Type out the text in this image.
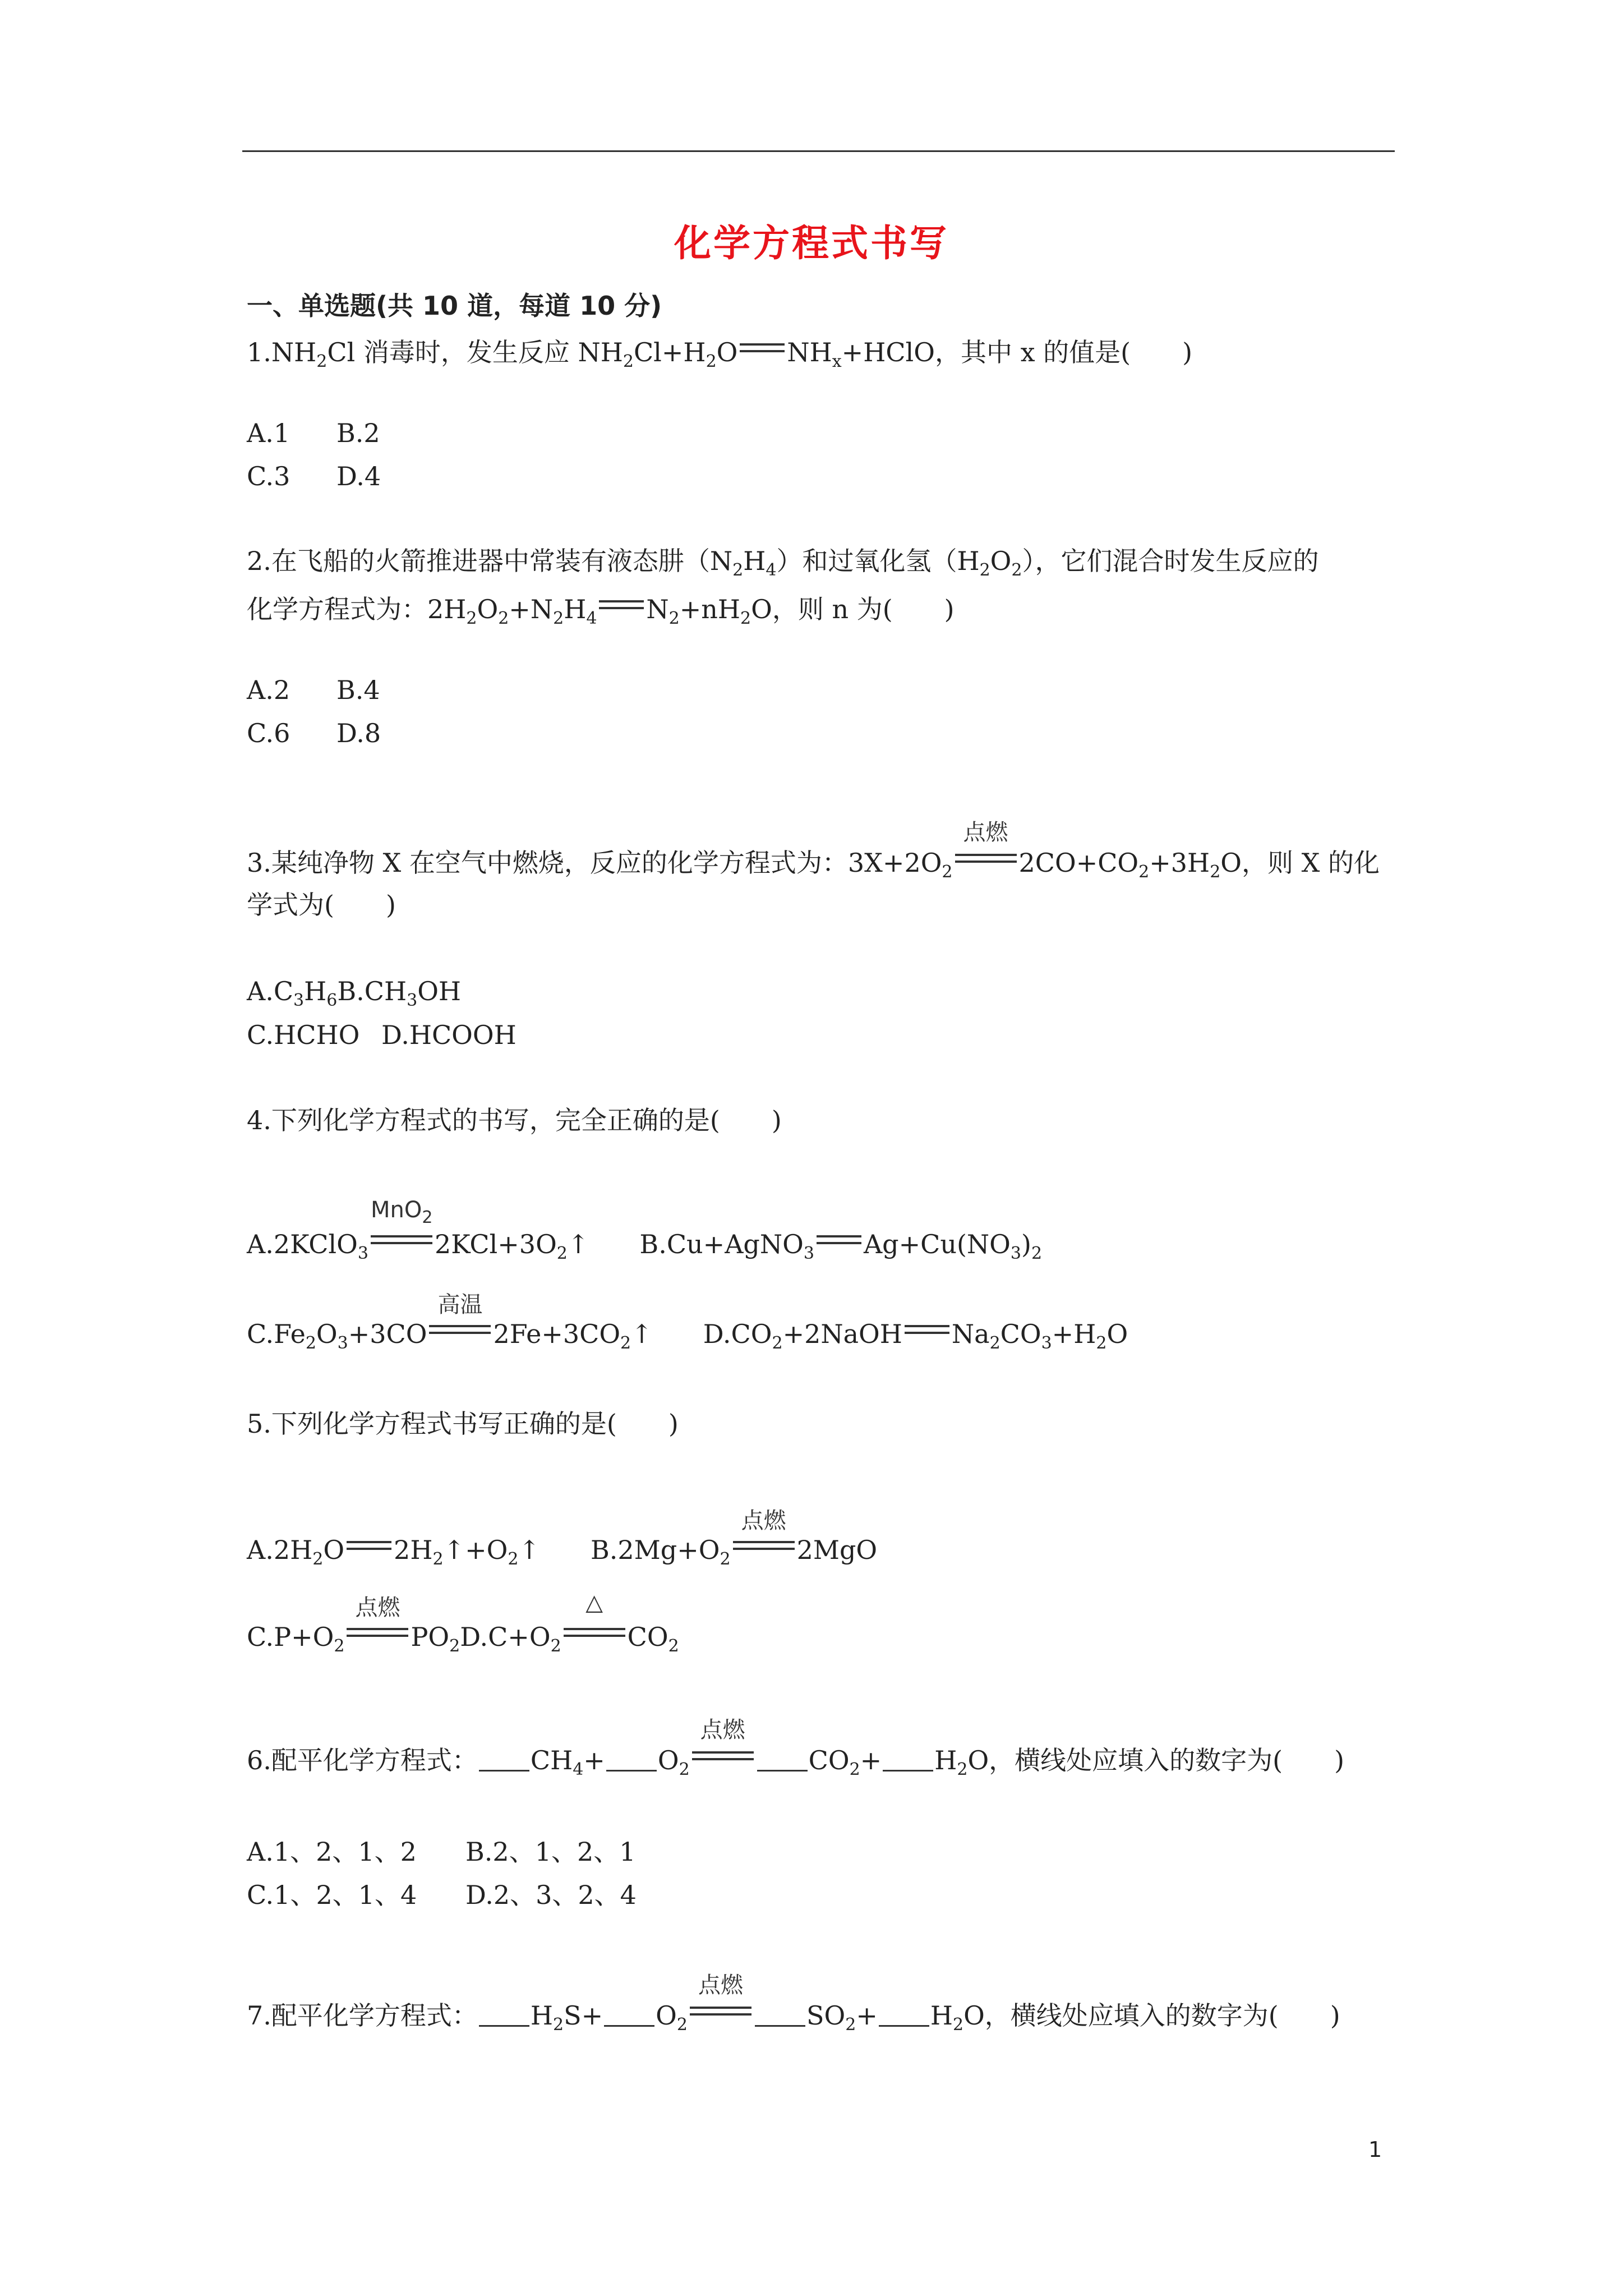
化学方程式书写
一、单选题(共 10 道，每道 10 分)
$1.NH_2Cl$ 消毒时，发生反应 $NH_2Cl+H_2O$ $NH_x+HClO$，其中 x 的值是(　　)
A.1 B.2
C.3 D.4
2.在飞船的火箭推进器中常装有液态肼$(N_2H_4)$和过氧化氢$(H_2O_2)$，它们混合时发生反应的
化学方程式为：$2H_2O_2+N_2H_4$ $N_2+nH_2O$，则 n 为(　　)
A.2 B.4
C.6 D.8
3.某纯净物 X 在空气中燃烧，反应的化学方程式为：$3X+2O_2$
点燃
$2CO+CO_2+3H_2O$，则 X 的化
学式为(　　)
$A.C_3H_6B.CH_3OH$
C.HCHO D.HCOOH
4.下列化学方程式的书写，完全正确的是(　　)
A.2KClO$_3$
MnO$_2$
$2KCl+3O_2↑$ B.Cu+AgNO$_3$ $Ag+Cu(NO_3)_2$
$C.Fe_2O_3+3CO$
高温
$2Fe+3CO_2↑$ $D.CO_2+2NaOH$ $Na_2CO_3+H_2O$
5.下列化学方程式书写正确的是(　　)
$A.2H_2O$ $2H_2↑+O_2↑$ $B.2Mg+O_2$
点燃
2MgO
$C.P+O_2$
点燃
$PO_2D.C+O_2$
△
$CO_2$
6.配平化学方程式： $CH_4+ O_2$
点燃
$CO_2+ H_2O$，横线处应填入的数字为(　　)
A.1、2、1、2 B.2、1、2、1
C.1、2、1、4 D.2、3、2、4
7.配平化学方程式： $H_2S+ O_2$
点燃
$SO_2+ H_2O$，横线处应填入的数字为(　　)
1
